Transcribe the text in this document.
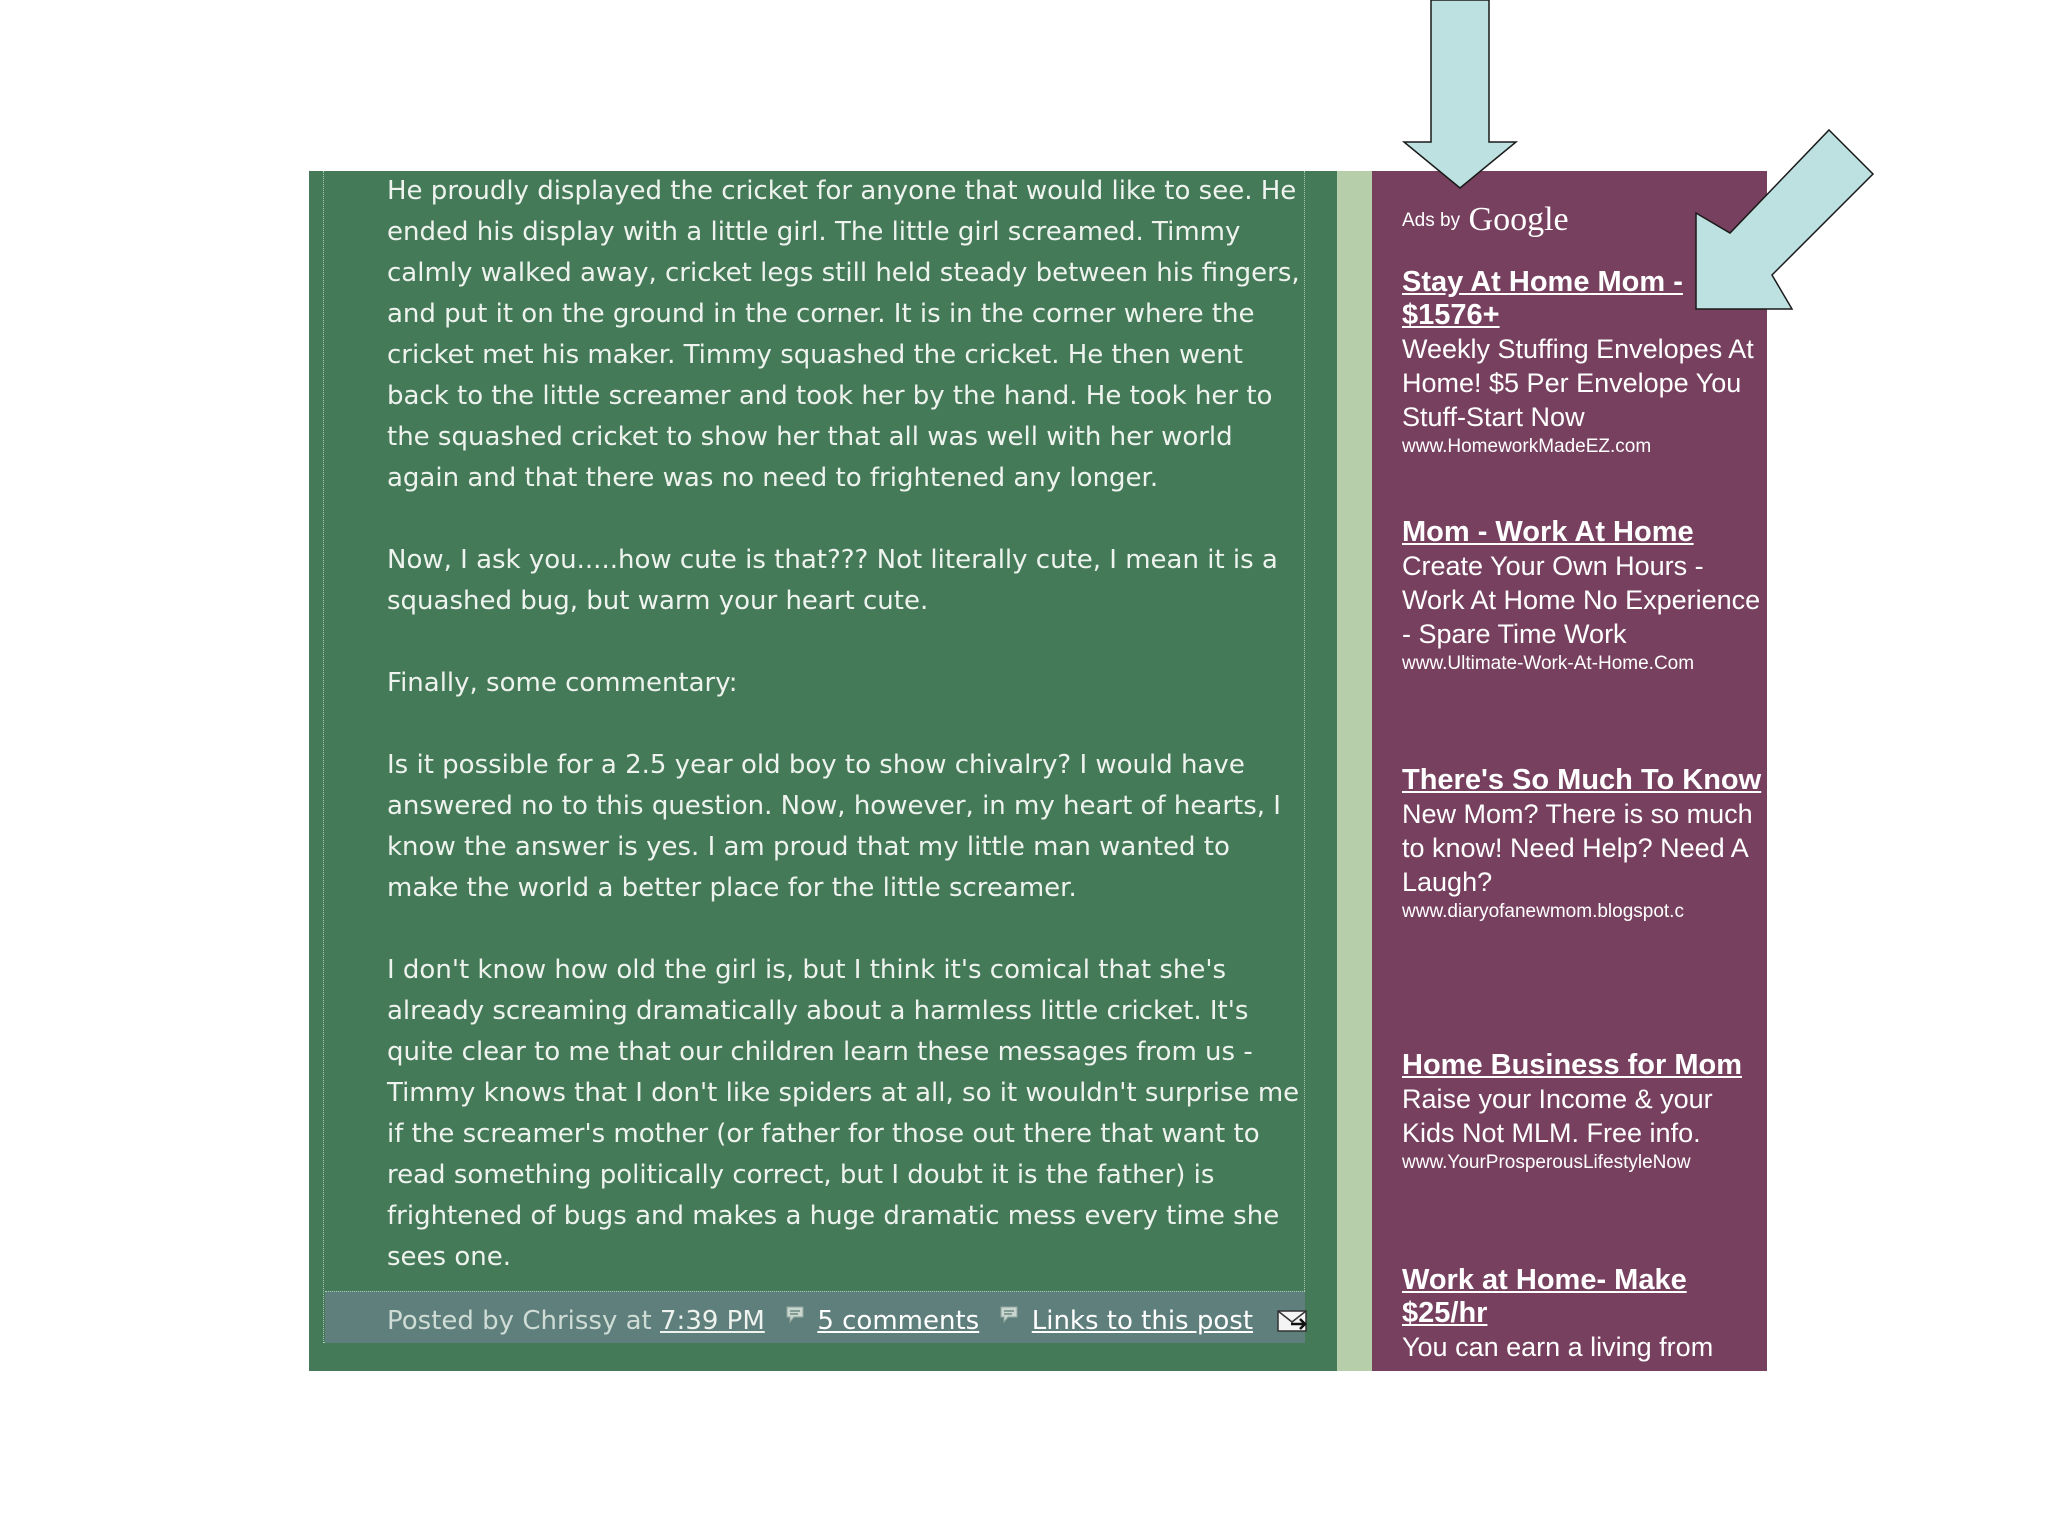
He proudly displayed the cricket for anyone that would like to see. He ended his display with a little girl. The little girl screamed. Timmy calmly walked away, cricket legs still held steady between his fingers, and put it on the ground in the corner. It is in the corner where the cricket met his maker. Timmy squashed the cricket. He then went back to the little screamer and took her by the hand. He took her to the squashed cricket to show her that all was well with her world again and that there was no need to frightened any longer.

Now, I ask you.....how cute is that??? Not literally cute, I mean it is a squashed bug, but warm your heart cute.

Finally, some commentary:

Is it possible for a 2.5 year old boy to show chivalry? I would have answered no to this question. Now, however, in my heart of hearts, I know the answer is yes. I am proud that my little man wanted to make the world a better place for the little screamer.

I don't know how old the girl is, but I think it's comical that she's already screaming dramatically about a harmless little cricket. It's quite clear to me that our children learn these messages from us - Timmy knows that I don't like spiders at all, so it wouldn't surprise me if the screamer's mother (or father for those out there that want to read something politically correct, but I doubt it is the father) is frightened of bugs and makes a huge dramatic mess every time she sees one.

Posted by Chrissy at 7:39 PM 5 comments Links to this post
Ads by Google
Stay At Home Mom - $1576+
Weekly Stuffing Envelopes At Home! $5 Per Envelope You Stuff-Start Now
www.HomeworkMadeEZ.com
Mom - Work At Home
Create Your Own Hours -Work At Home No Experience - Spare Time Work
www.Ultimate-Work-At-Home.Com
There's So Much To Know
New Mom? There is so much to know! Need Help? Need A Laugh?
www.diaryofanewmom.blogspot.c
Home Business for Mom
Raise your Income & your Kids Not MLM. Free info.
www.YourProsperousLifestyleNow
Work at Home- Make $25/hr
You can earn a living from
